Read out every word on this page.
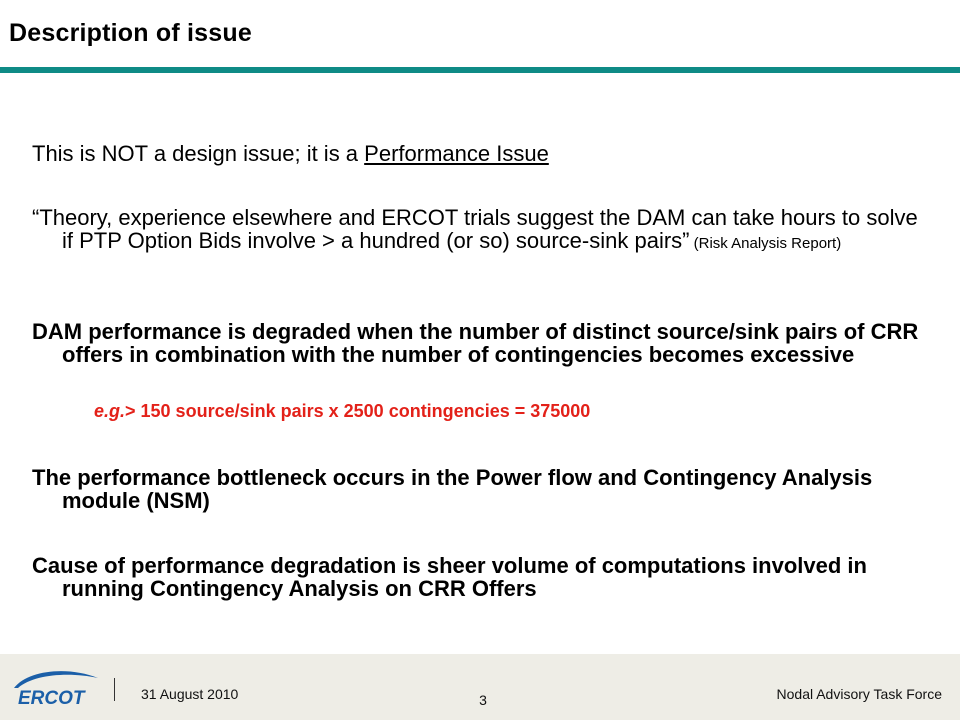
Description of issue
This is NOT a design issue; it is a Performance Issue
“Theory, experience elsewhere and ERCOT trials suggest the DAM can take hours to solve if PTP Option Bids involve > a hundred (or so) source-sink pairs” (Risk Analysis Report)
DAM performance is degraded when the number of distinct source/sink pairs of CRR offers in combination with the number of contingencies becomes excessive
e.g.> 150 source/sink pairs x 2500 contingencies = 375000
The performance bottleneck occurs in the Power flow and Contingency Analysis module (NSM)
Cause of performance degradation is sheer volume of computations involved in running Contingency Analysis on CRR Offers
ERCOT	31 August 2010	3	Nodal Advisory Task Force
